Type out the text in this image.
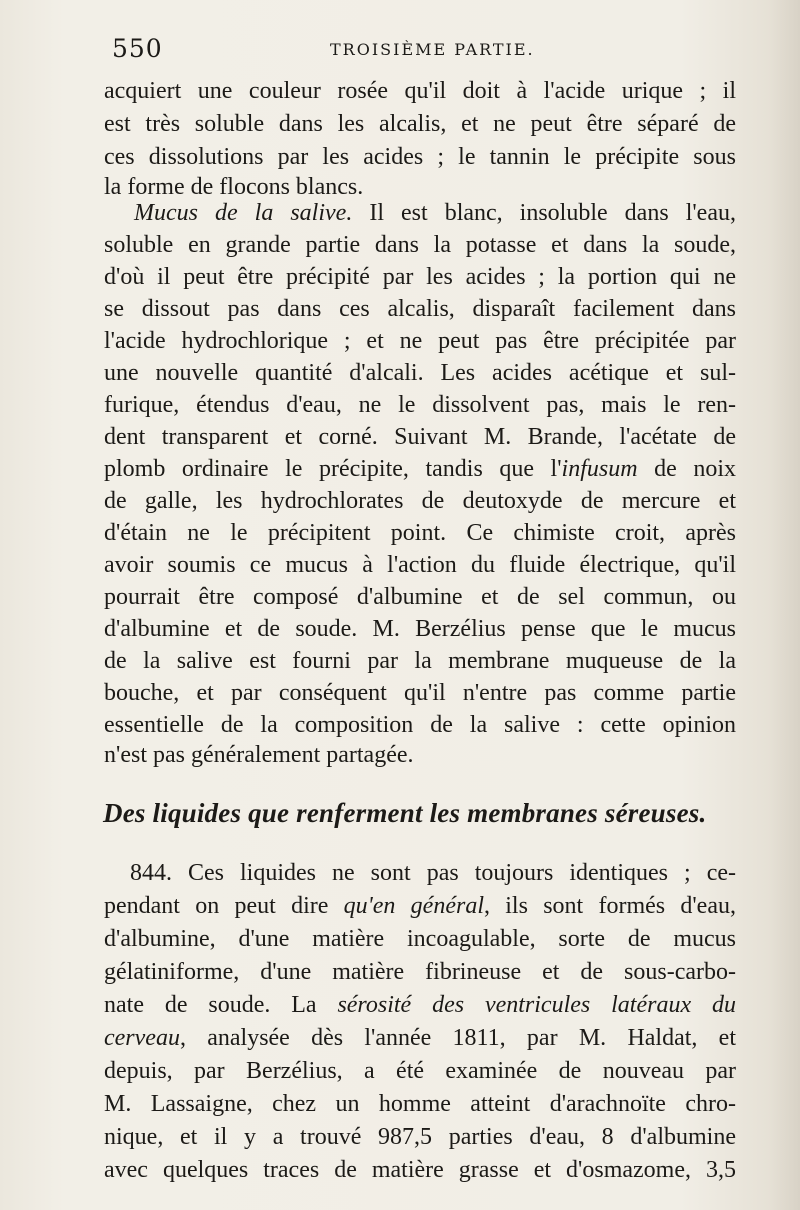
550	TROISIÈME PARTIE.

acquiert une couleur rosée qu'il doit à l'acide urique ; il

est très soluble dans les alcalis, et ne peut être séparé de

ces dissolutions par les acides ; le tannin le précipite sous

la forme de flocons blancs.

Mucus de la salive. Il est blanc, insoluble dans l'eau,

soluble en grande partie dans la potasse et dans la soude,

d'où il peut être précipité par les acides ; la portion qui ne

se dissout pas dans ces alcalis, disparaît facilement dans

l'acide hydrochlorique ; et ne peut pas être précipitée par

une nouvelle quantité d'alcali. Les acides acétique et sul-

furique, étendus d'eau, ne le dissolvent pas, mais le ren-

dent transparent et corné. Suivant M. Brande, l'acétate de

plomb ordinaire le précipite, tandis que l'infusum de noix

de galle, les hydrochlorates de deutoxyde de mercure et

d'étain ne le précipitent point. Ce chimiste croit, après

avoir soumis ce mucus à l'action du fluide électrique, qu'il

pourrait être composé d'albumine et de sel commun, ou

d'albumine et de soude. M. Berzélius pense que le mucus

de la salive est fourni par la membrane muqueuse de la

bouche, et par conséquent qu'il n'entre pas comme partie

essentielle de la composition de la salive : cette opinion

n'est pas généralement partagée.

Des liquides que renferment les membranes séreuses.

844. Ces liquides ne sont pas toujours identiques ; ce-

pendant on peut dire qu'en général, ils sont formés d'eau,

d'albumine, d'une matière incoagulable, sorte de mucus

gélatiniforme, d'une matière fibrineuse et de sous-carbo-

nate de soude. La sérosité des ventricules latéraux du

cerveau, analysée dès l'année 1811, par M. Haldat, et

depuis, par Berzélius, a été examinée de nouveau par

M. Lassaigne, chez un homme atteint d'arachnoïte chro-

nique, et il y a trouvé 987,5 parties d'eau, 8 d'albumine

avec quelques traces de matière grasse et d'osmazome, 3,5
